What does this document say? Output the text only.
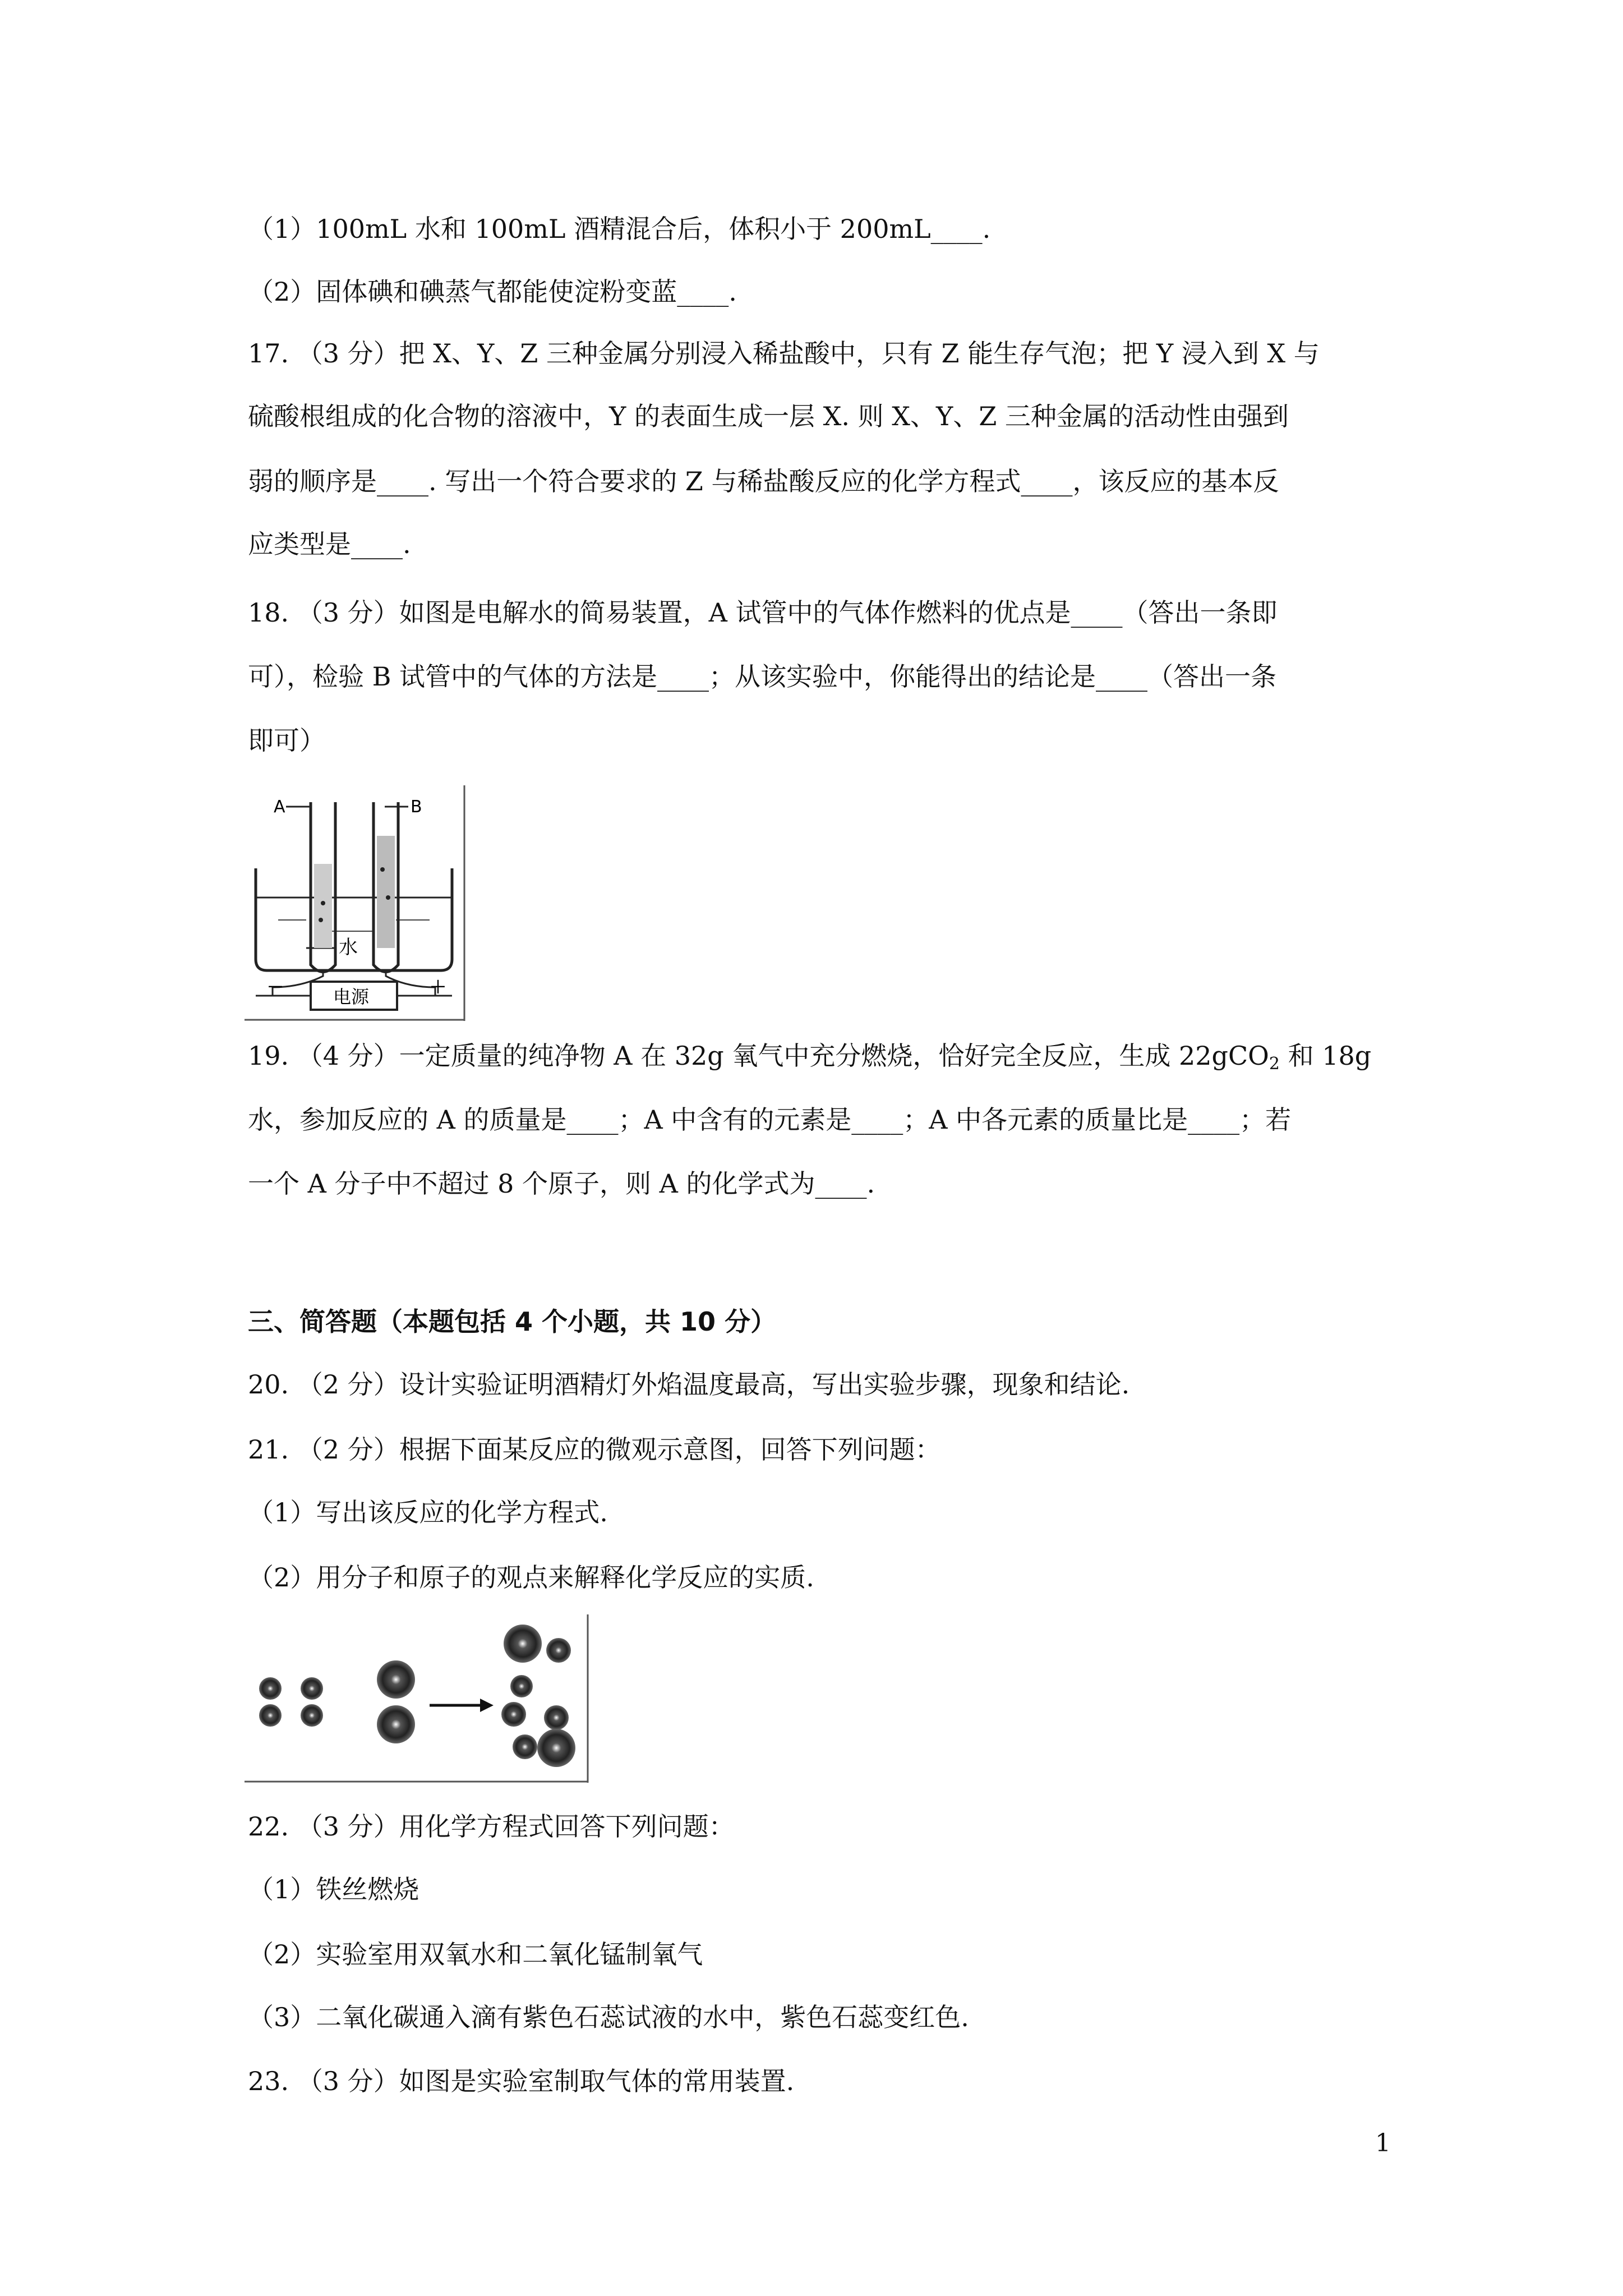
（1）100mL 水和 100mL 酒精混合后，体积小于 200mL____.
（2）固体碘和碘蒸气都能使淀粉变蓝____.
17. （3 分）把 X、Y、Z 三种金属分别浸入稀盐酸中，只有 Z 能生存气泡；把 Y 浸入到 X 与
硫酸根组成的化合物的溶液中，Y 的表面生成一层 X. 则 X、Y、Z 三种金属的活动性由强到
弱的顺序是____. 写出一个符合要求的 Z 与稀盐酸反应的化学方程式____，该反应的基本反
应类型是____.
18. （3 分）如图是电解水的简易装置，A 试管中的气体作燃料的优点是____（答出一条即
可），检验 B 试管中的气体的方法是____；从该实验中，你能得出的结论是____（答出一条
即可）
A	B
水
－	＋
电源
19. （4 分）一定质量的纯净物 A 在 32g 氧气中充分燃烧，恰好完全反应，生成 22gCO$_2$ 和 18g
水，参加反应的 A 的质量是____；A 中含有的元素是____；A 中各元素的质量比是____；若
一个 A 分子中不超过 8 个原子，则 A 的化学式为____.
三、简答题（本题包括 4 个小题，共 10 分）
20. （2 分）设计实验证明酒精灯外焰温度最高，写出实验步骤，现象和结论.
21. （2 分）根据下面某反应的微观示意图，回答下列问题：
（1）写出该反应的化学方程式.
（2）用分子和原子的观点来解释化学反应的实质.
22. （3 分）用化学方程式回答下列问题：
（1）铁丝燃烧
（2）实验室用双氧水和二氧化锰制氧气
（3）二氧化碳通入滴有紫色石蕊试液的水中，紫色石蕊变红色.
23. （3 分）如图是实验室制取气体的常用装置.
1
